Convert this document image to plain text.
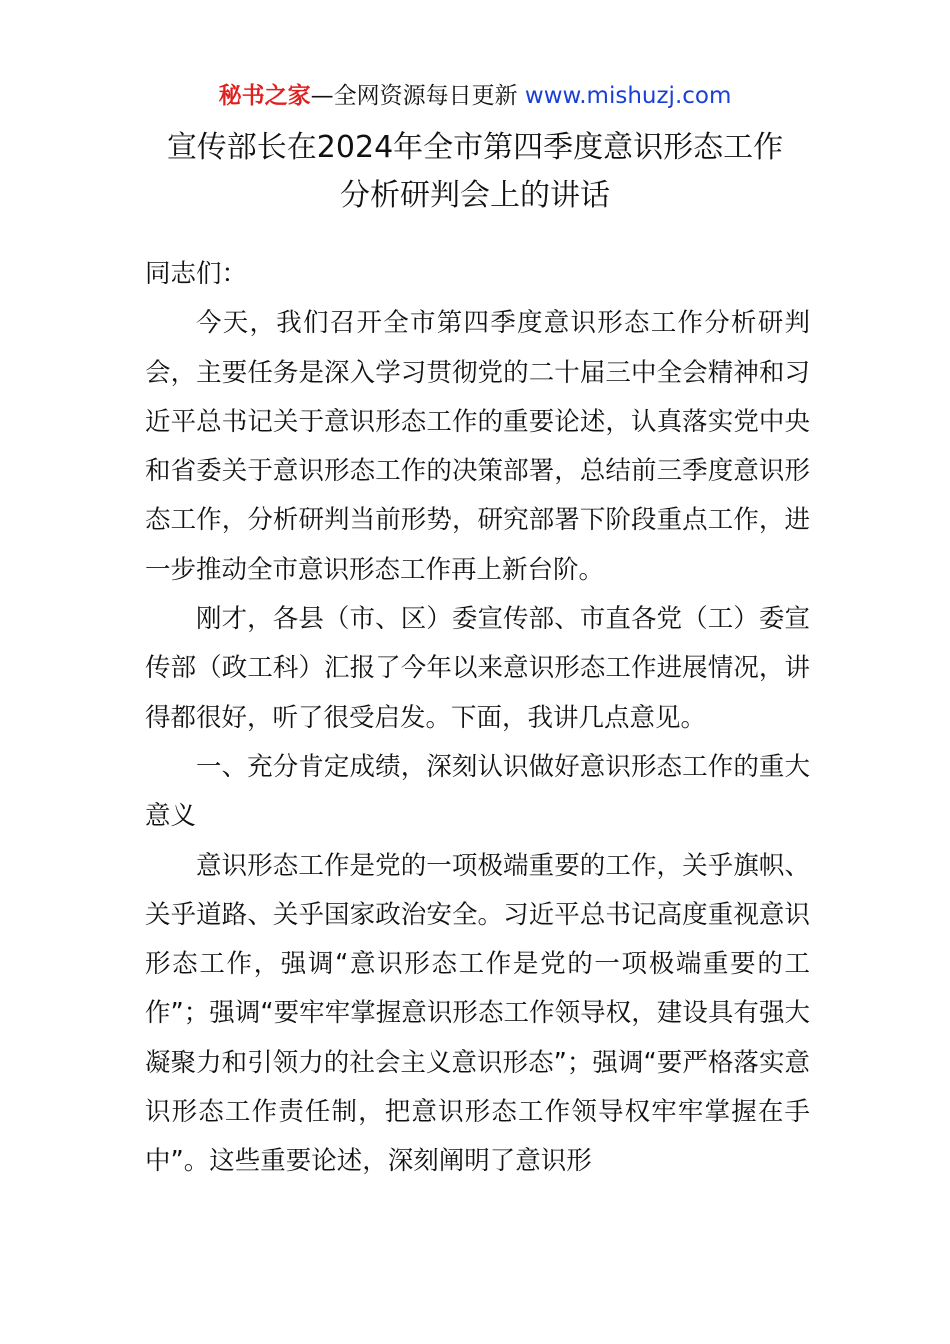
秘书之家—全网资源每日更新 www.mishuzj.com
宣传部长在2024年全市第四季度意识形态工作
分析研判会上的讲话

同志们：

今天，我们召开全市第四季度意识形态工作分析研判会，主要任务是深入学习贯彻党的二十届三中全会精神和习近平总书记关于意识形态工作的重要论述，认真落实党中央和省委关于意识形态工作的决策部署，总结前三季度意识形态工作，分析研判当前形势，研究部署下阶段重点工作，进一步推动全市意识形态工作再上新台阶。

刚才，各县（市、区）委宣传部、市直各党（工）委宣传部（政工科）汇报了今年以来意识形态工作进展情况，讲得都很好，听了很受启发。下面，我讲几点意见。

一、充分肯定成绩，深刻认识做好意识形态工作的重大意义

意识形态工作是党的一项极端重要的工作，关乎旗帜、关乎道路、关乎国家政治安全。习近平总书记高度重视意识形态工作，强调“意识形态工作是党的一项极端重要的工作”；强调“要牢牢掌握意识形态工作领导权，建设具有强大凝聚力和引领力的社会主义意识形态”；强调“要严格落实意识形态工作责任制，把意识形态工作领导权牢牢掌握在手中”。这些重要论述，深刻阐明了意识形
